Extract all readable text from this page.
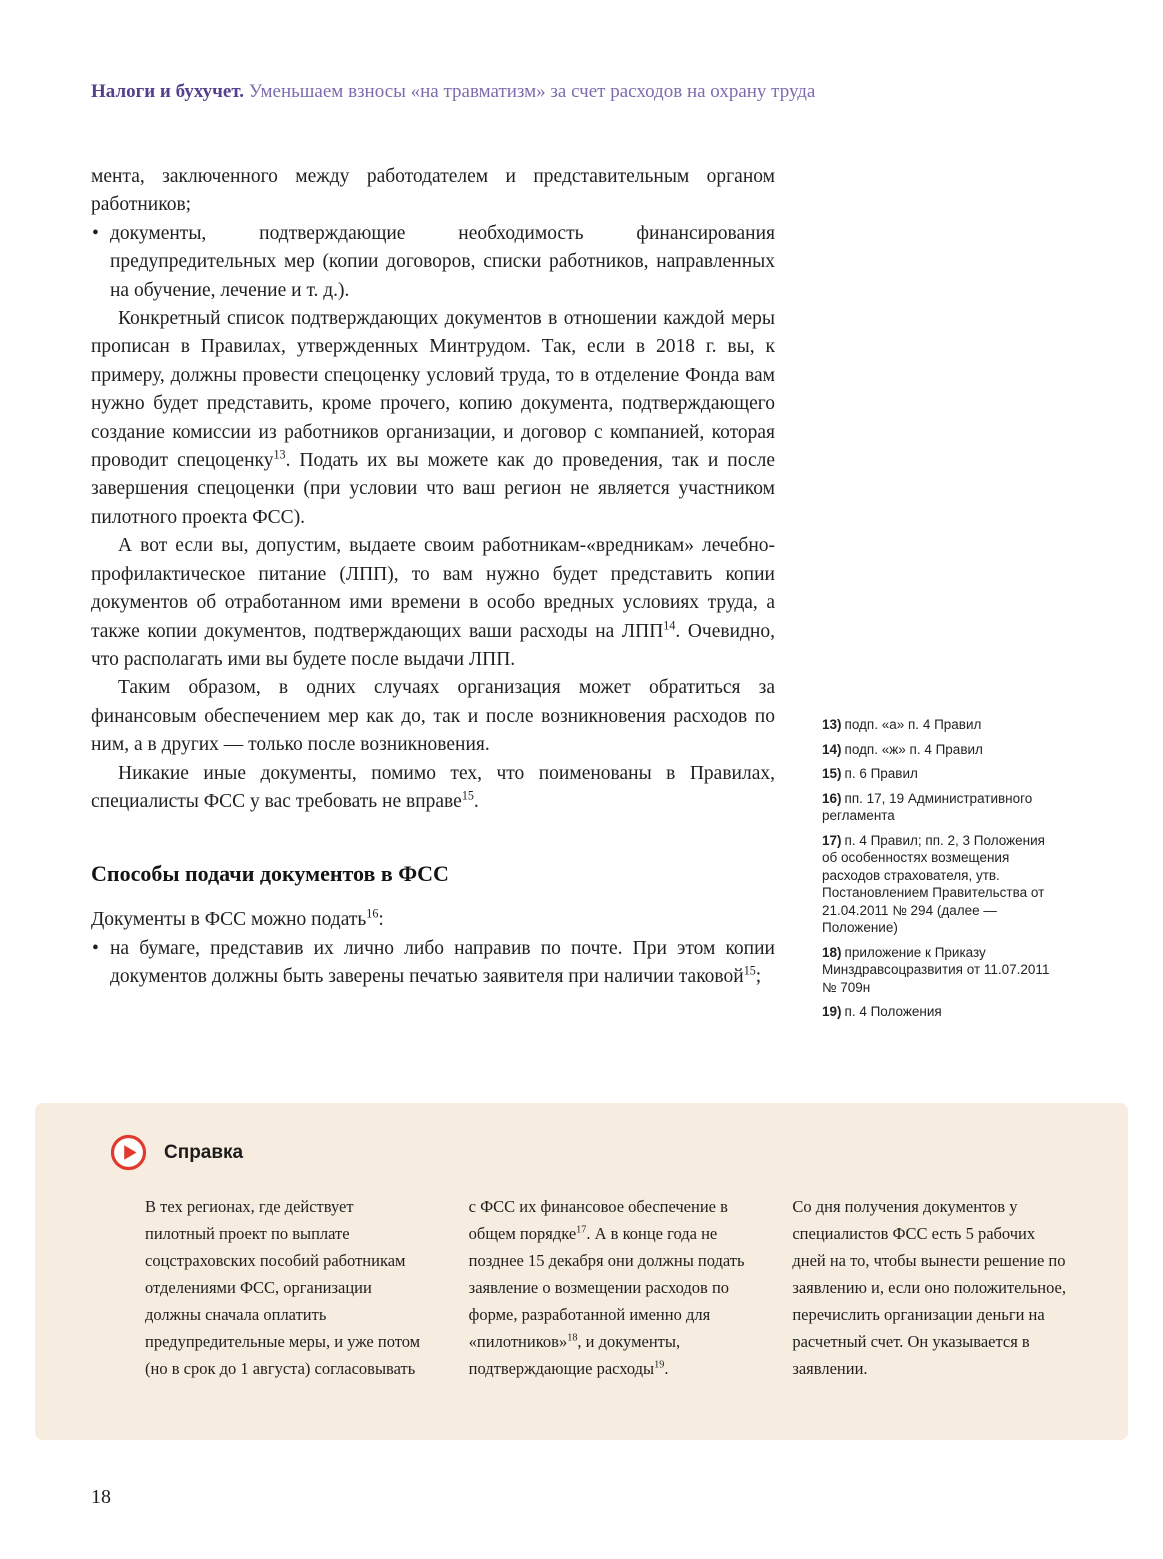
Налоги и бухучет. Уменьшаем взносы «на травматизм» за счет расходов на охрану труда

мента, заключенного между работодателем и представительным органом работников;

• документы, подтверждающие необходимость финансирования предупредительных мер (копии договоров, списки работников, направленных на обучение, лечение и т. д.).

Конкретный список подтверждающих документов в отношении каждой меры прописан в Правилах, утвержденных Минтрудом. Так, если в 2018 г. вы, к примеру, должны провести спецоценку условий труда, то в отделение Фонда вам нужно будет представить, кроме прочего, копию документа, подтверждающего создание комиссии из работников организации, и договор с компанией, которая проводит спецоценку$^{13}$. Подать их вы можете как до проведения, так и после завершения спецоценки (при условии что ваш регион не является участником пилотного проекта ФСС).

А вот если вы, допустим, выдаете своим работникам-«вредникам» лечебно-профилактическое питание (ЛПП), то вам нужно будет представить копии документов об отработанном ими времени в особо вредных условиях труда, а также копии документов, подтверждающих ваши расходы на ЛПП$^{14}$. Очевидно, что располагать ими вы будете после выдачи ЛПП.

Таким образом, в одних случаях организация может обратиться за финансовым обеспечением мер как до, так и после возникновения расходов по ним, а в других — только после возникновения.

Никакие иные документы, помимо тех, что поименованы в Правилах, специалисты ФСС у вас требовать не вправе$^{15}$.

Способы подачи документов в ФСС

Документы в ФСС можно подать$^{16}$:

• на бумаге, представив их лично либо направив по почте. При этом копии документов должны быть заверены печатью заявителя при наличии таковой$^{15}$;

13) подп. «а» п. 4 Правил
14) подп. «ж» п. 4 Правил
15) п. 6 Правил
16) пп. 17, 19 Административного регламента
17) п. 4 Правил; пп. 2, 3 Положения об особенностях возмещения расходов страхователя, утв. Постановлением Правительства от 21.04.2011 № 294 (далее — Положение)
18) приложение к Приказу Минздравсоцразвития от 11.07.2011 № 709н
19) п. 4 Положения
Справка

В тех регионах, где действует пилотный проект по выплате соцстраховских пособий работникам отделениями ФСС, организации должны сначала оплатить предупредительные меры, и уже потом (но в срок до 1 августа) согласовывать

с ФСС их финансовое обеспечение в общем порядке$^{17}$. А в конце года не позднее 15 декабря они должны подать заявление о возмещении расходов по форме, разработанной именно для «пилотников»$^{18}$, и документы, подтверждающие расходы$^{19}$.

Со дня получения документов у специалистов ФСС есть 5 рабочих дней на то, чтобы вынести решение по заявлению и, если оно положительное, перечислить организации деньги на расчетный счет. Он указывается в заявлении.

18
